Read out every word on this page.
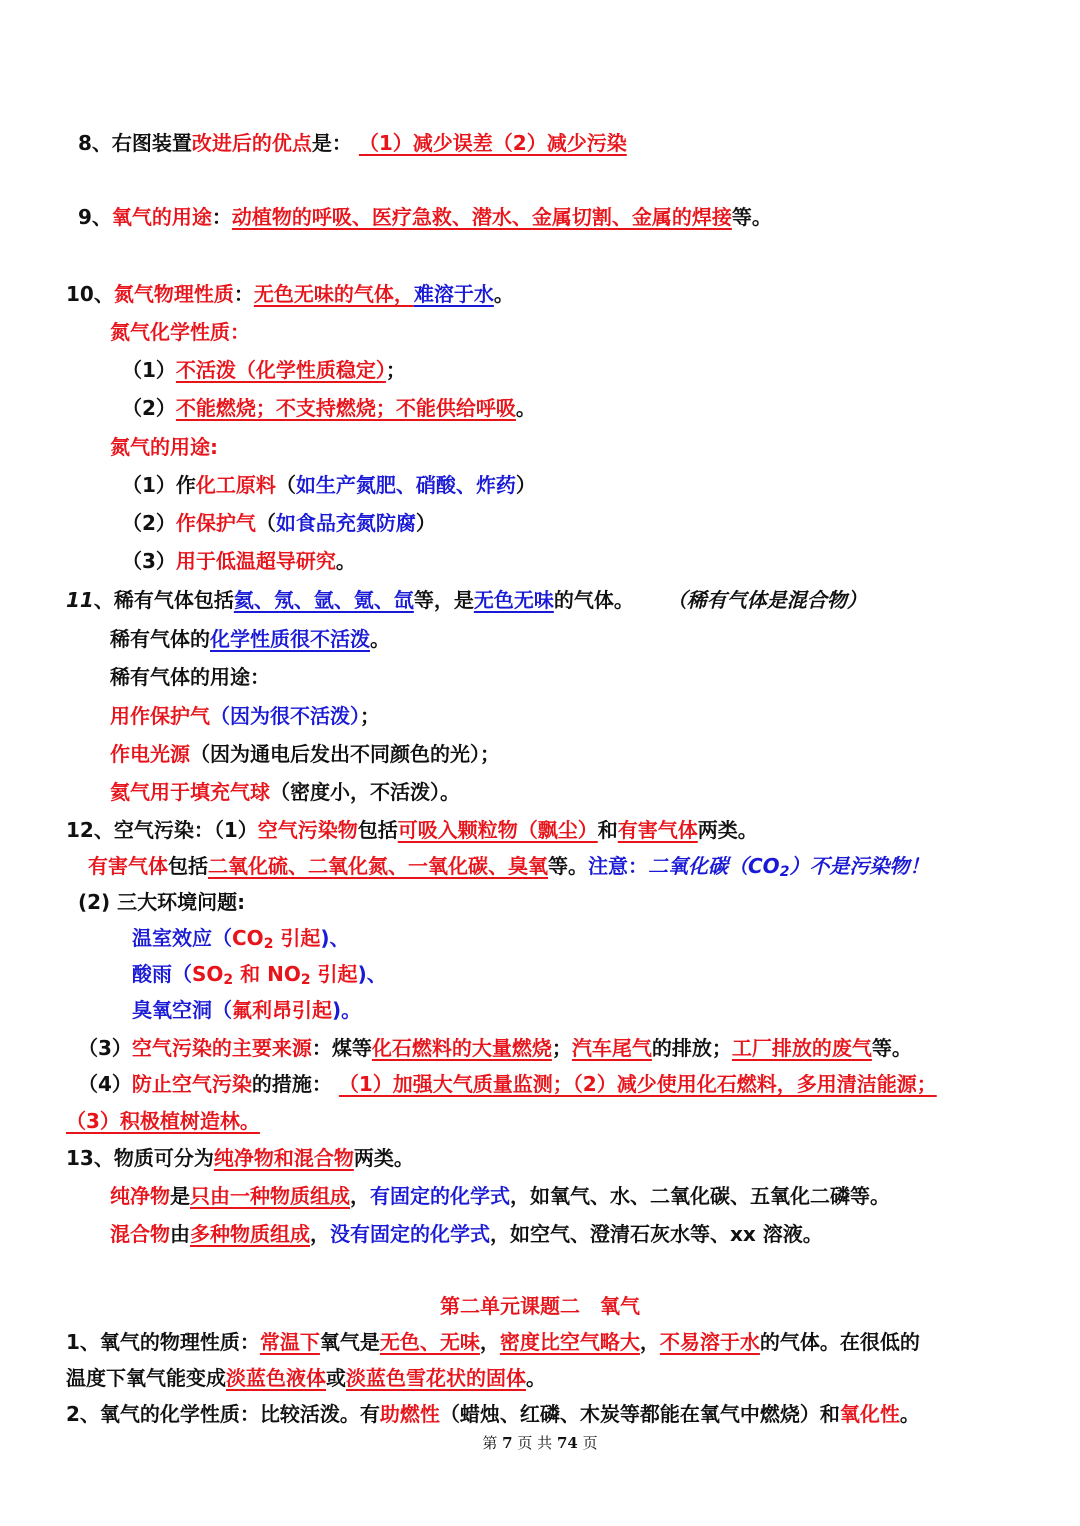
8、右图装置改进后的优点是： （1）减少误差（2）减少污染
9、氧气的用途：动植物的呼吸、医疗急救、潜水、金属切割、金属的焊接等。
10、氮气物理性质：无色无味的气体，难溶于水。
氮气化学性质：
（1）不活泼（化学性质稳定）；
（2）不能燃烧；不支持燃烧；不能供给呼吸。
氮气的用途:
（1）作化工原料（如生产氮肥、硝酸、炸药）
（2）作保护气（如食品充氮防腐）
（3）用于低温超导研究。
11、稀有气体包括氦、氖、氩、氪、氙等，是无色无味的气体。 （稀有气体是混合物）
稀有气体的化学性质很不活泼。
稀有气体的用途：
用作保护气（因为很不活泼）；
作电光源（因为通电后发出不同颜色的光）；
氦气用于填充气球（密度小，不活泼）。
12、空气污染：（1）空气污染物包括可吸入颗粒物（飘尘）和有害气体两类。
有害气体包括二氧化硫、二氧化氮、一氧化碳、臭氧等。注意：二氧化碳$(CO_2)$不是污染物！
(2) 三大环境问题:
温室效应（$CO_2$ 引起)、
酸雨（$SO_2$ 和 $NO_2$ 引起)、
臭氧空洞（氟利昂引起)。
（3）空气污染的主要来源：煤等化石燃料的大量燃烧；汽车尾气的排放；工厂排放的废气等。
（4）防止空气污染的措施： （1）加强大气质量监测；（2）减少使用化石燃料，多用清洁能源；
（3）积极植树造林。
13、物质可分为纯净物和混合物两类。
纯净物是只由一种物质组成，有固定的化学式，如氧气、水、二氧化碳、五氧化二磷等。
混合物由多种物质组成，没有固定的化学式，如空气、澄清石灰水等、xx 溶液。
第二单元课题二　氧气
1、氧气的物理性质：常温下氧气是无色、无味，密度比空气略大，不易溶于水的气体。在很低的
温度下氧气能变成淡蓝色液体或淡蓝色雪花状的固体。
2、氧气的化学性质：比较活泼。有助燃性（蜡烛、红磷、木炭等都能在氧气中燃烧）和氧化性。
第 7 页 共 74 页
